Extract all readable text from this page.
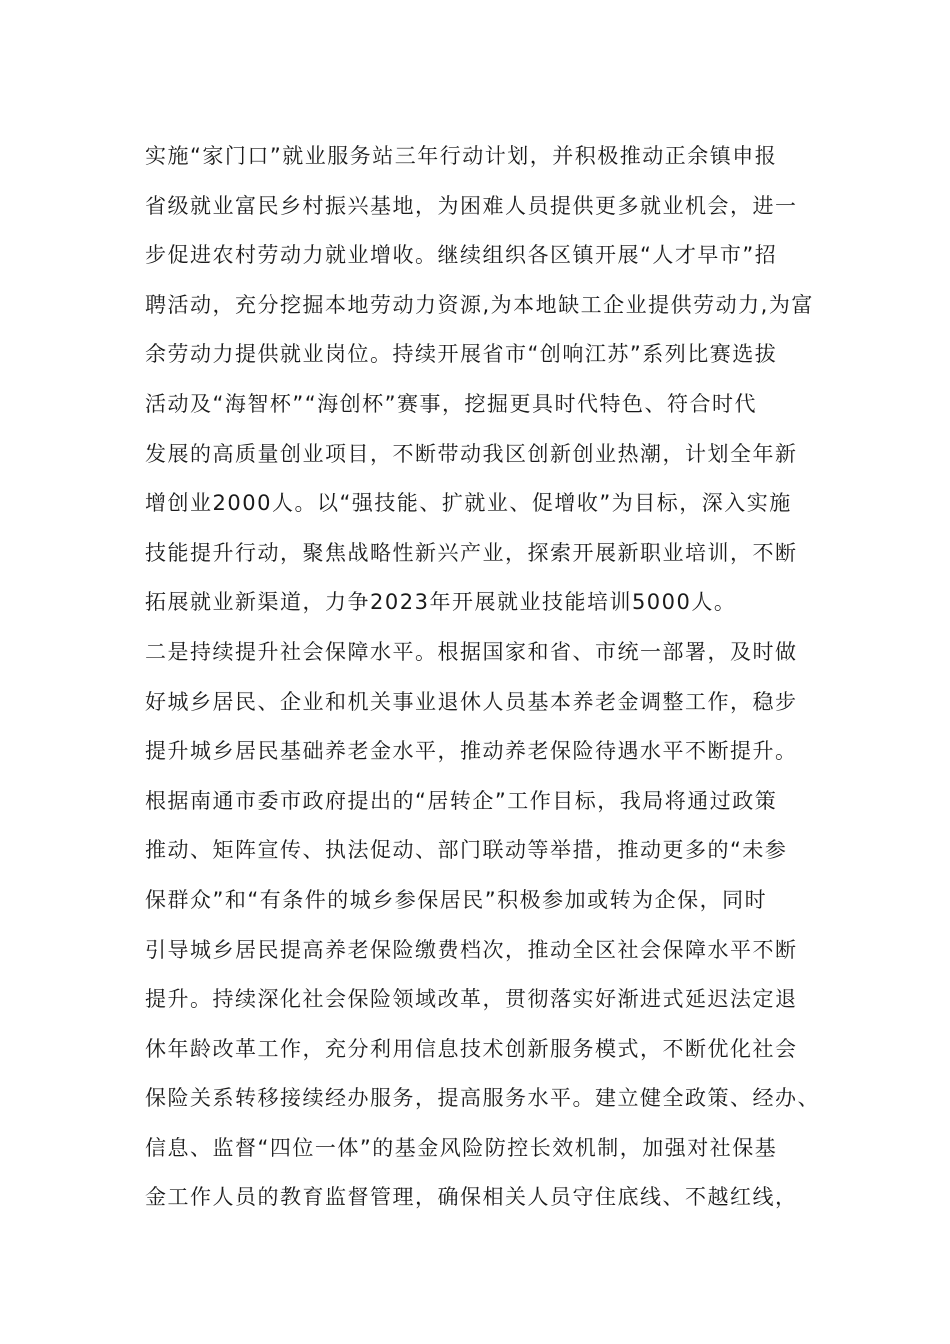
实施“家门口”就业服务站三年行动计划，并积极推动正余镇申报
省级就业富民乡村振兴基地，为困难人员提供更多就业机会，进一
步促进农村劳动力就业增收。继续组织各区镇开展“人才早市”招
聘活动，充分挖掘本地劳动力资源,为本地缺工企业提供劳动力,为富
余劳动力提供就业岗位。持续开展省市“创响江苏”系列比赛选拔
活动及“海智杯”“海创杯”赛事，挖掘更具时代特色、符合时代
发展的高质量创业项目，不断带动我区创新创业热潮，计划全年新
增创业2000人。以“强技能、扩就业、促增收”为目标，深入实施
技能提升行动，聚焦战略性新兴产业，探索开展新职业培训，不断
拓展就业新渠道，力争2023年开展就业技能培训5000人。
二是持续提升社会保障水平。根据国家和省、市统一部署，及时做
好城乡居民、企业和机关事业退休人员基本养老金调整工作，稳步
提升城乡居民基础养老金水平，推动养老保险待遇水平不断提升。
根据南通市委市政府提出的“居转企”工作目标，我局将通过政策
推动、矩阵宣传、执法促动、部门联动等举措，推动更多的“未参
保群众”和“有条件的城乡参保居民”积极参加或转为企保，同时
引导城乡居民提高养老保险缴费档次，推动全区社会保障水平不断
提升。持续深化社会保险领域改革，贯彻落实好渐进式延迟法定退
休年龄改革工作，充分利用信息技术创新服务模式，不断优化社会
保险关系转移接续经办服务，提高服务水平。建立健全政策、经办、
信息、监督“四位一体”的基金风险防控长效机制，加强对社保基
金工作人员的教育监督管理，确保相关人员守住底线、不越红线，
